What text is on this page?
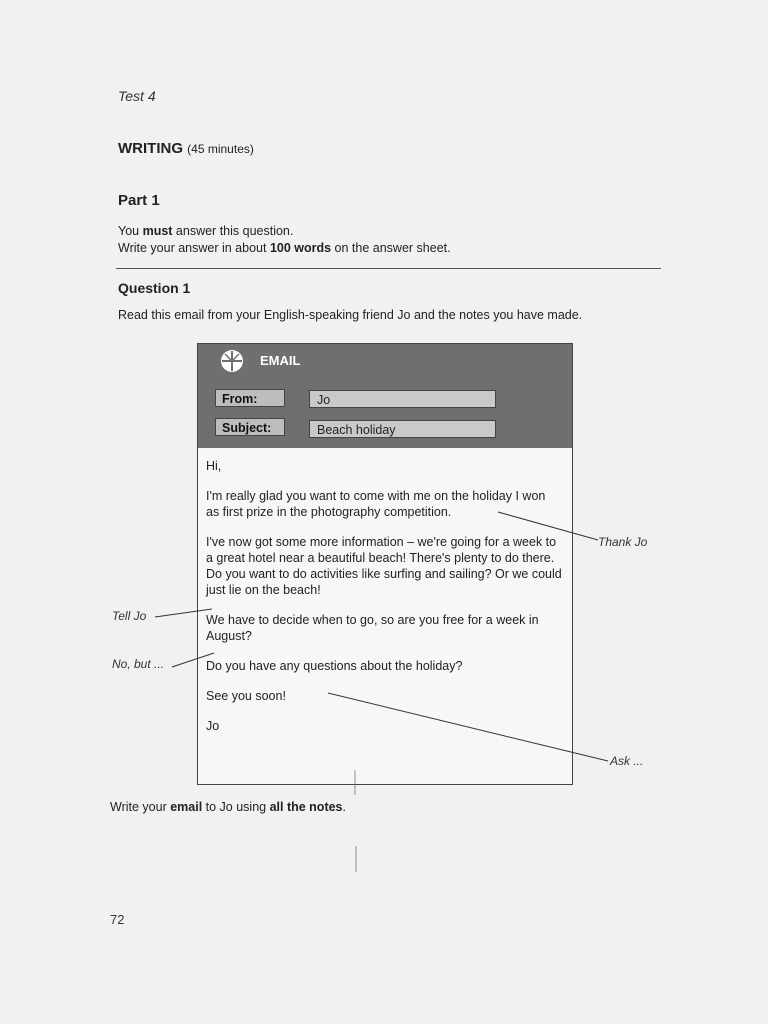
Test 4
WRITING (45 minutes)
Part 1
You must answer this question.
Write your answer in about 100 words on the answer sheet.
Question 1
Read this email from your English-speaking friend Jo and the notes you have made.
EMAIL
From:	Jo
Subject:	Beach holiday

Hi,

I'm really glad you want to come with me on the holiday I won as first prize in the photography competition.

I've now got some more information – we're going for a week to a great hotel near a beautiful beach! There's plenty to do there. Do you want to do activities like surfing and sailing? Or we could just lie on the beach!

We have to decide when to go, so are you free for a week in August?

Do you have any questions about the holiday?

See you soon!

Jo

Thank Jo
Tell Jo
No, but ...
Ask ...
Write your email to Jo using all the notes.
72
